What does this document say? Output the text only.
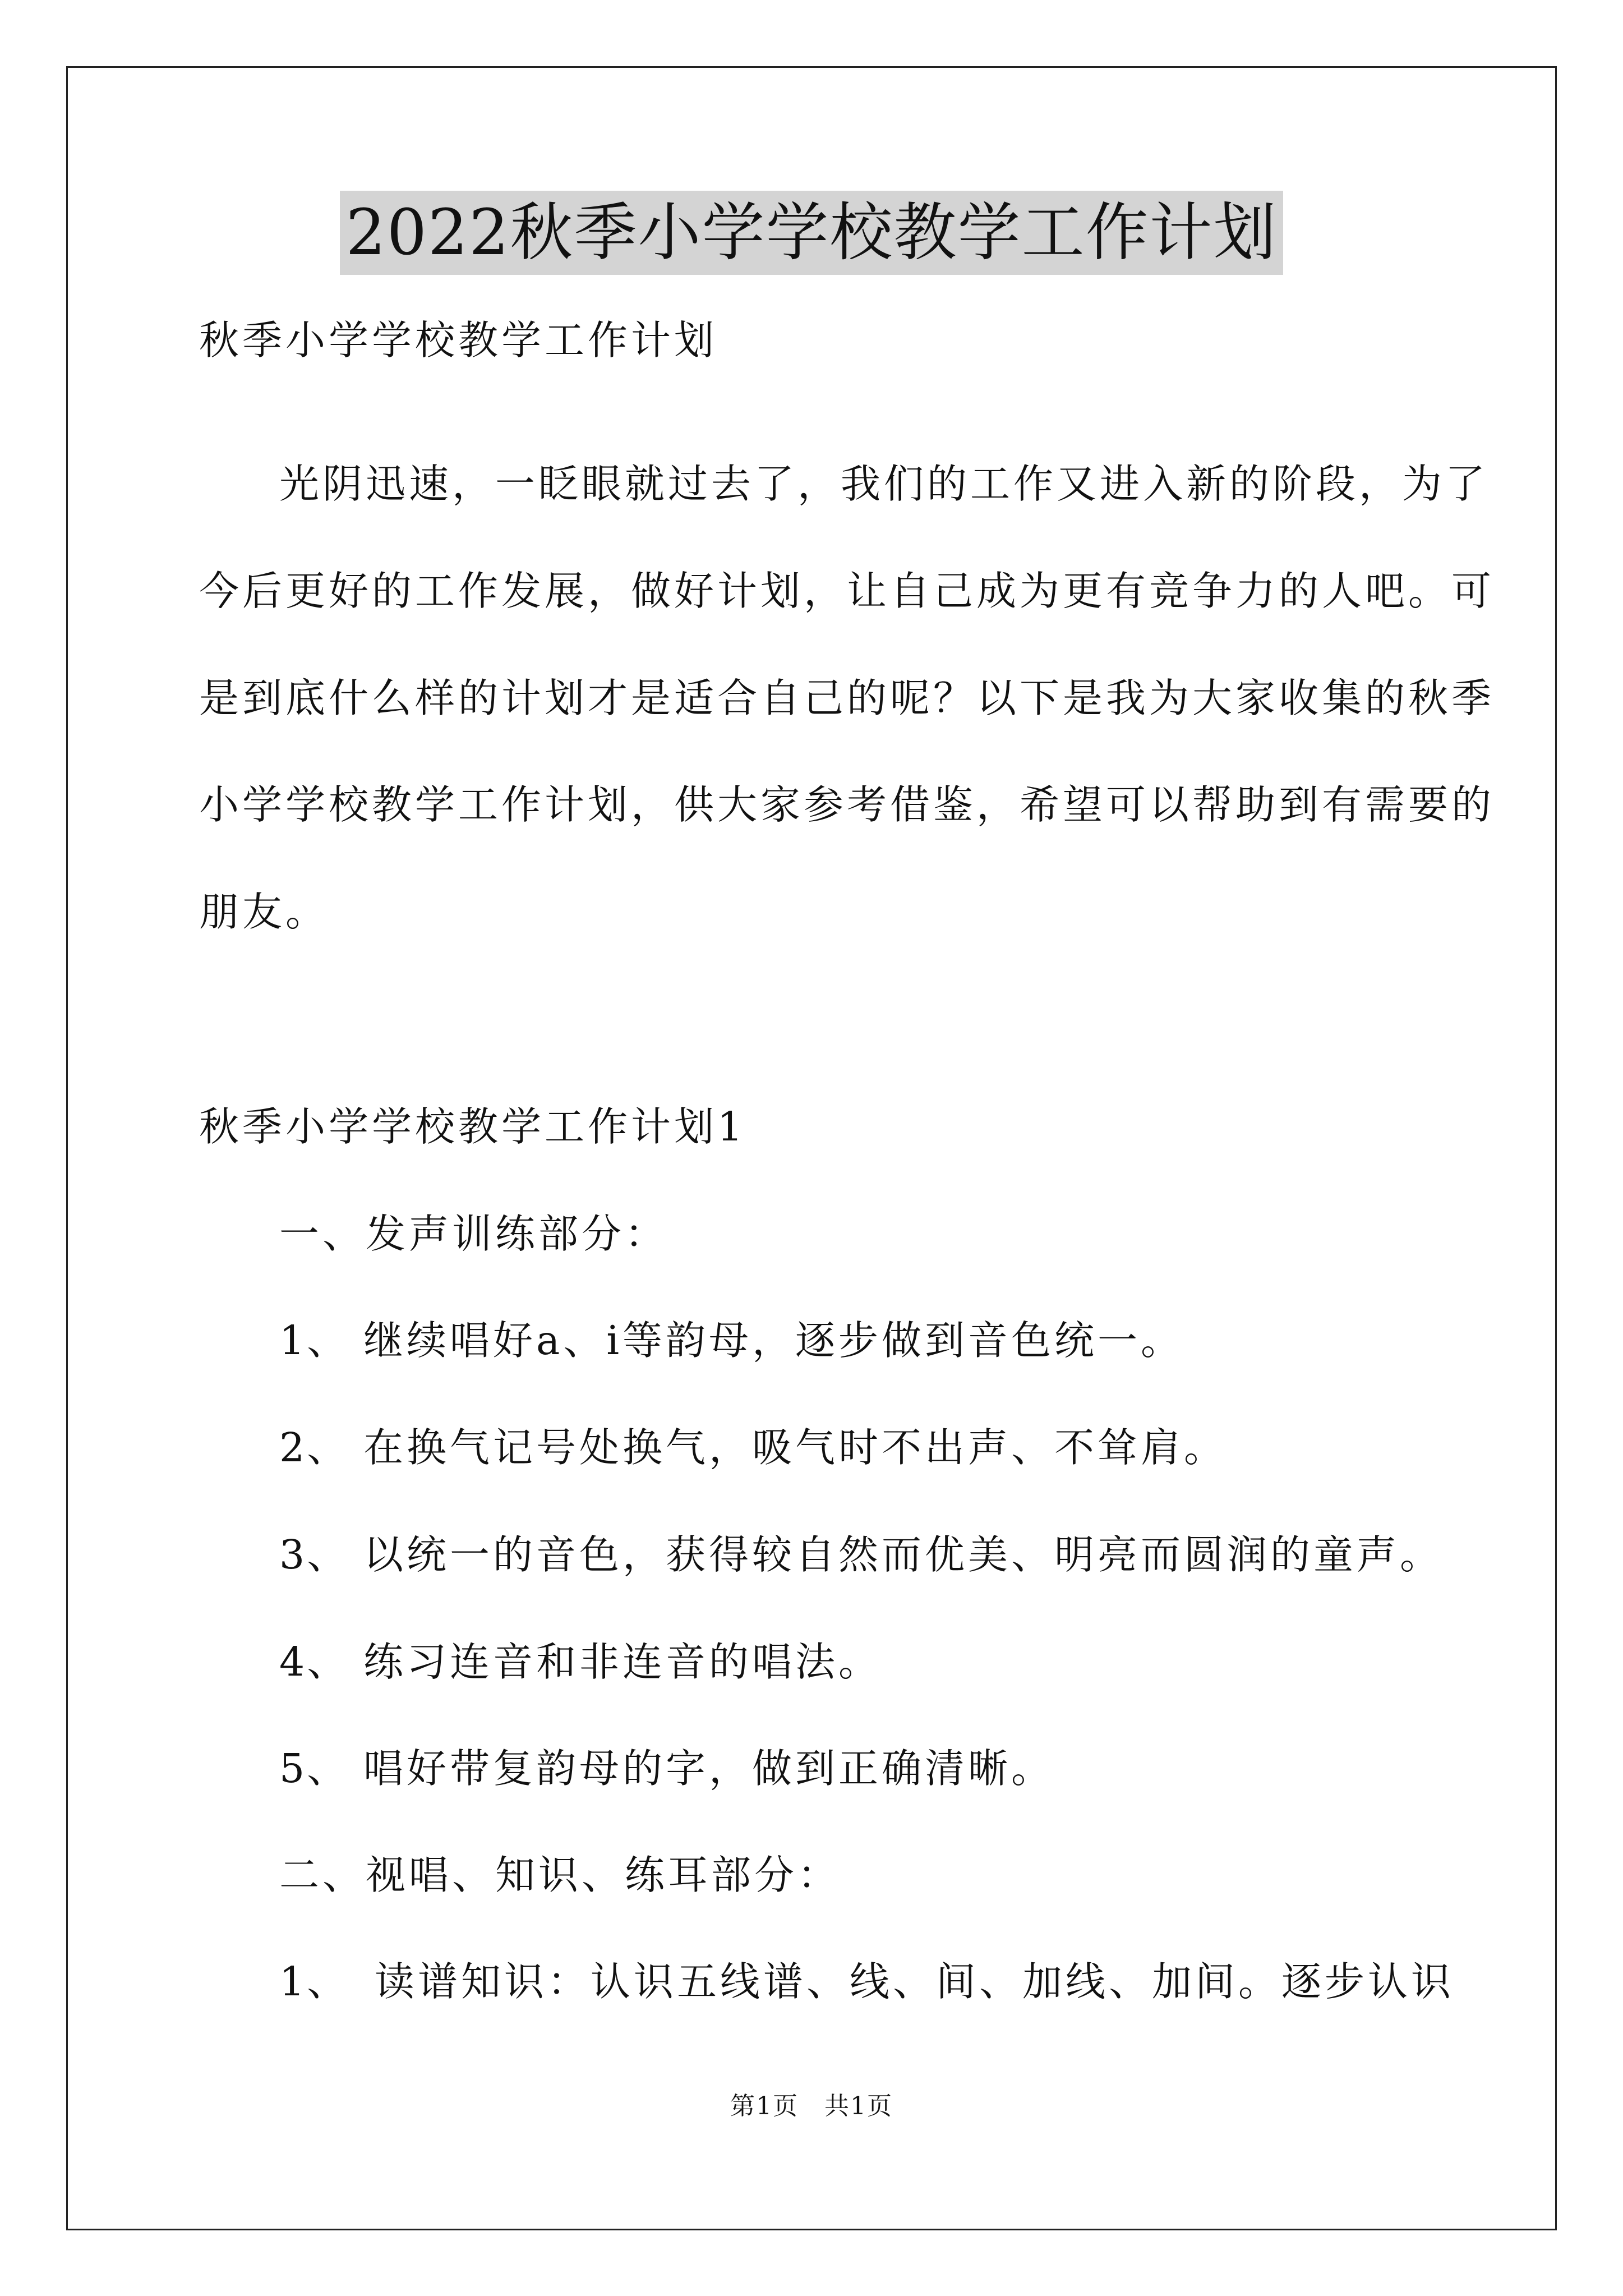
2022秋季小学学校教学工作计划
秋季小学学校教学工作计划
光阴迅速，一眨眼就过去了，我们的工作又进入新的阶段，为了
今后更好的工作发展，做好计划，让自己成为更有竞争力的人吧。可
是到底什么样的计划才是适合自己的呢？以下是我为大家收集的秋季
小学学校教学工作计划，供大家参考借鉴，希望可以帮助到有需要的
朋友。
秋季小学学校教学工作计划1
一、发声训练部分：
1、 继续唱好a、i等韵母，逐步做到音色统一。
2、 在换气记号处换气，吸气时不出声、不耸肩。
3、 以统一的音色，获得较自然而优美、明亮而圆润的童声。
4、 练习连音和非连音的唱法。
5、 唱好带复韵母的字，做到正确清晰。
二、视唱、知识、练耳部分：
1、 读谱知识：认识五线谱、线、间、加线、加间。逐步认识
第1页　共1页
